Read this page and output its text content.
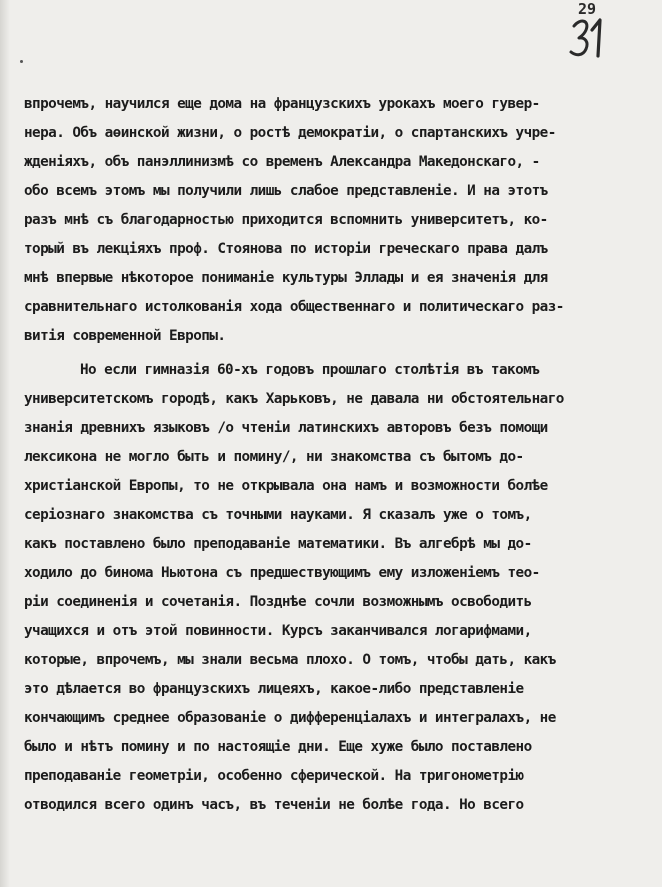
29
впрочемъ, научился еще дома на французскихъ урокахъ моего гувер-
нера. Объ аѳинской жизни, о ростѣ демократіи, о спартанскихъ учре-
жденіяхъ, объ панэллинизмѣ со временъ Александра Македонскаго, -
обо всемъ этомъ мы получили лишь слабое представленіе. И на этотъ
разъ мнѣ съ благодарностью приходится вспомнить университетъ, ко-
торый въ лекціяхъ проф. Стоянова по исторіи греческаго права далъ
мнѣ впервые нѣкоторое пониманіе культуры Эллады и ея значенія для
сравнительнаго истолкованія хода общественнаго и политическаго раз-
витія современной Европы.
Но если гимназія 60-хъ годовъ прошлаго столѣтія въ такомъ
университетскомъ городѣ, какъ Харьковъ, не давала ни обстоятельнаго
знанія древнихъ языковъ /о чтеніи латинскихъ авторовъ безъ помощи
лексикона не могло быть и помину/, ни знакомства съ бытомъ до-
христіанской Европы, то не открывала она намъ и возможности болѣе
серіознаго знакомства съ точными науками. Я сказалъ уже о томъ,
какъ поставлено было преподаваніе математики. Въ алгебрѣ мы до-
ходило до бинома Ньютона съ предшествующимъ ему изложеніемъ тео-
ріи соединенія и сочетанія. Позднѣе сочли возможнымъ освободить
учащихся и отъ этой повинности. Курсъ заканчивался логарифмами,
которые, впрочемъ, мы знали весьма плохо. О томъ, чтобы дать, какъ
это дѣлается во французскихъ лицеяхъ, какое-либо представленіе
кончающимъ среднее образованіе о дифференціалахъ и интегралахъ, не
было и нѣтъ помину и по настоящіе дни. Еще хуже было поставлено
преподаваніе геометріи, особенно сферической. На тригонометрію
отводился всего одинъ часъ, въ теченіи не болѣе года. Но всего
